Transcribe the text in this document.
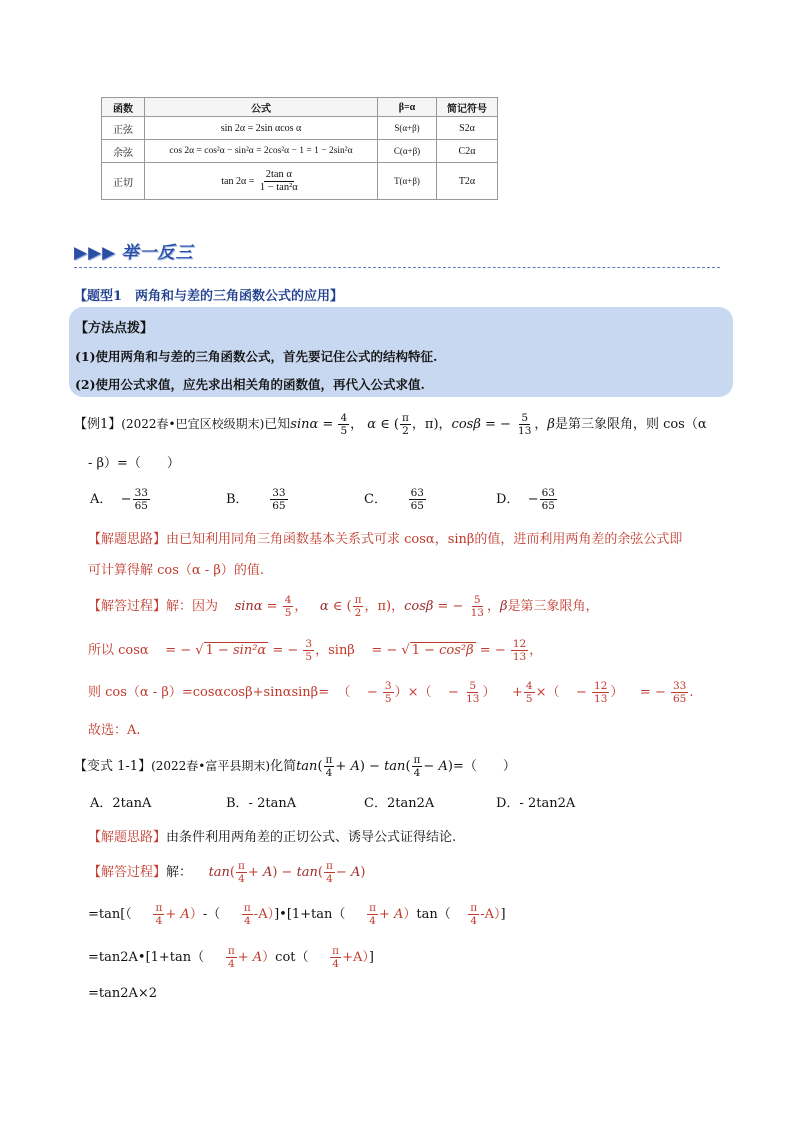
函数	公式	β=α	简记符号
正弦	sin 2α = 2sin αcos α	S(α+β)	S2α
余弦	cos 2α = cos²α − sin²α = 2cos²α − 1 = 1 − 2sin²α	C(α+β)	C2α
正切	$\tan 2\alpha = \frac{\text{2tan α}}{\text{1 − tan²α}}$	T(α+β)	T2α
▶▶▶ 举一反三
【题型1　两角和与差的三角函数公式的应用】
【方法点拨】
(1)使用两角和与差的三角函数公式，首先要记住公式的结构特征.
(2)使用公式求值，应先求出相关角的函数值，再代入公式求值.
【例1】(2022春•巴宜区校级期末)已知$\sin\alpha = \frac{4}{5}$ ， α ∈ ( $\frac{\pi}{2}$ ，π)，cosβ = − $\frac{5}{13}$ ，β是第三象限角，则 cos（α
- β）=（　　）
A． − $\frac{33}{65}$	B． $\frac{33}{65}$	C． $\frac{63}{65}$	D． − $\frac{63}{65}$
【解题思路】由已知利用同角三角函数基本关系式可求 cosα，sinβ的值，进而利用两角差的余弦公式即
可计算得解 cos（α - β）的值.
【解答过程】解：因为 $\sin\alpha = \frac{4}{5}$ ，   α ∈ ( $\frac{\pi}{2}$ ，π)，cosβ = − $\frac{5}{13}$ ，β是第三象限角，
所以 cosα    = − √ 1 − sin²α = − $\frac{3}{5}$ ，sinβ    = − √ 1 − cos²β = − $\frac{12}{13}$ ，
则 cos（α - β）=cosαcosβ+sinαsinβ=  （    − $\frac{3}{5}$ ）×（    − $\frac{5}{13}$ ）    + $\frac{4}{5}$ ×（    − $\frac{12}{13}$ ）    = − $\frac{33}{65}$ .
故选：A.
【变式 1-1】(2022春•富平县期末)化简$\tan( \frac{\pi}{4} + A) - \tan( \frac{\pi}{4} - A)=$（　　）
A．2tanA	B．- 2tanA	C．2tan2A	D．- 2tan2A
【解题思路】由条件利用两角差的正切公式、诱导公式证得结论.
【解答过程】解： $\tan( \frac{\pi}{4} + A) - \tan( \frac{\pi}{4} - A)$
$=\tan[( \frac{\pi}{4} + A)-( \frac{\pi}{4}$ -A）]•[1+tan（ $\frac{\pi}{4} + A)\tan( \frac{\pi}{4} -A)$]
=tan2A•[1+tan（ $\frac{\pi}{4} + A)\cot( \frac{\pi}{4} +A)$]
=tan2A×2
